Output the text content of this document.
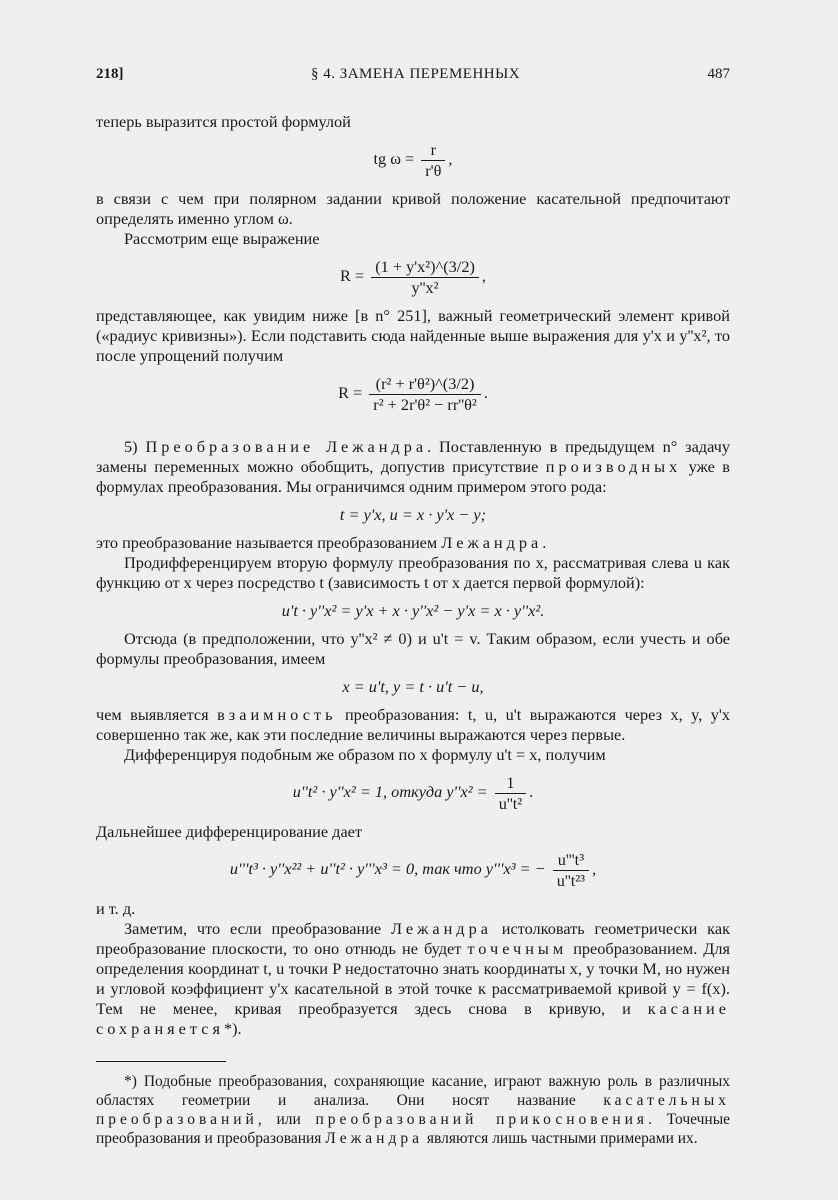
218]	§ 4. ЗАМЕНА ПЕРЕМЕННЫХ	487

теперь выразится простой формулой

tg $\omega = \frac{r}{r'\theta}$ ,

в связи с чем при полярном задании кривой положение касательной предпочитают определять именно углом ω.

Рассмотрим еще выражение

$R = \frac{\text{(1 + y'x²)\textasciicircum{}(3/2)}}{\text{y''x²}}$ ,

представляющее, как увидим ниже [в n° 251], важный геометрический элемент кривой («радиус кривизны»). Если подставить сюда найденные выше выражения для y'x и y''x², то после упрощений получим

$R = \frac{\text{(r² + r'θ²)\textasciicircum{}(3/2)}}{\text{r² + 2r'θ² − rr''θ²}}$ .

5) Преобразование Лежандра. Поставленную в предыдущем n° задачу замены переменных можно обобщить, допустив присутствие производных уже в формулах преобразования. Мы ограничимся одним примером этого рода:

t = y'x, u = x · y'x − y;

это преобразование называется преобразованием Лежандра.

Продифференцируем вторую формулу преобразования по x, рассматривая слева u как функцию от x через посредство t (зависимость t от x дается первой формулой):

u't · y''x² = y'x + x · y''x² − y'x = x · y''x².

Отсюда (в предположении, что y''x² ≠ 0) и u't = v. Таким образом, если учесть и обе формулы преобразования, имеем

x = u't, y = t · u't − u,

чем выявляется взаимность преобразования: t, u, u't выражаются через x, y, y'x совершенно так же, как эти последние величины выражаются через первые.

Дифференцируя подобным же образом по x формулу u't = x, получим

u''t² · y''x² = 1, откуда $y''x^2 = \frac{1}{\text{u''t²}}$ .

Дальнейшее дифференцирование дает

u'''t³ · y''x²² + u''t² · y'''x³ = 0, так что y'''x³ = − $\frac{\text{u'''t³}}{\text{u''t²³}}$ ,

и т. д.

Заметим, что если преобразование Лежандра истолковать геометрически как преобразование плоскости, то оно отнюдь не будет точечным преобразованием. Для определения координат t, u точки P недостаточно знать координаты x, y точки M, но нужен и угловой коэффициент y'x касательной в этой точке к рассматриваемой кривой y = f(x). Тем не менее, кривая преобразуется здесь снова в кривую, и касание сохраняется*).

*) Подобные преобразования, сохраняющие касание, играют важную роль в различных областях геометрии и анализа. Они носят название касательных преобразований, или преобразований прикосновения. Точечные преобразования и преобразования Лежандра являются лишь частными примерами их.
